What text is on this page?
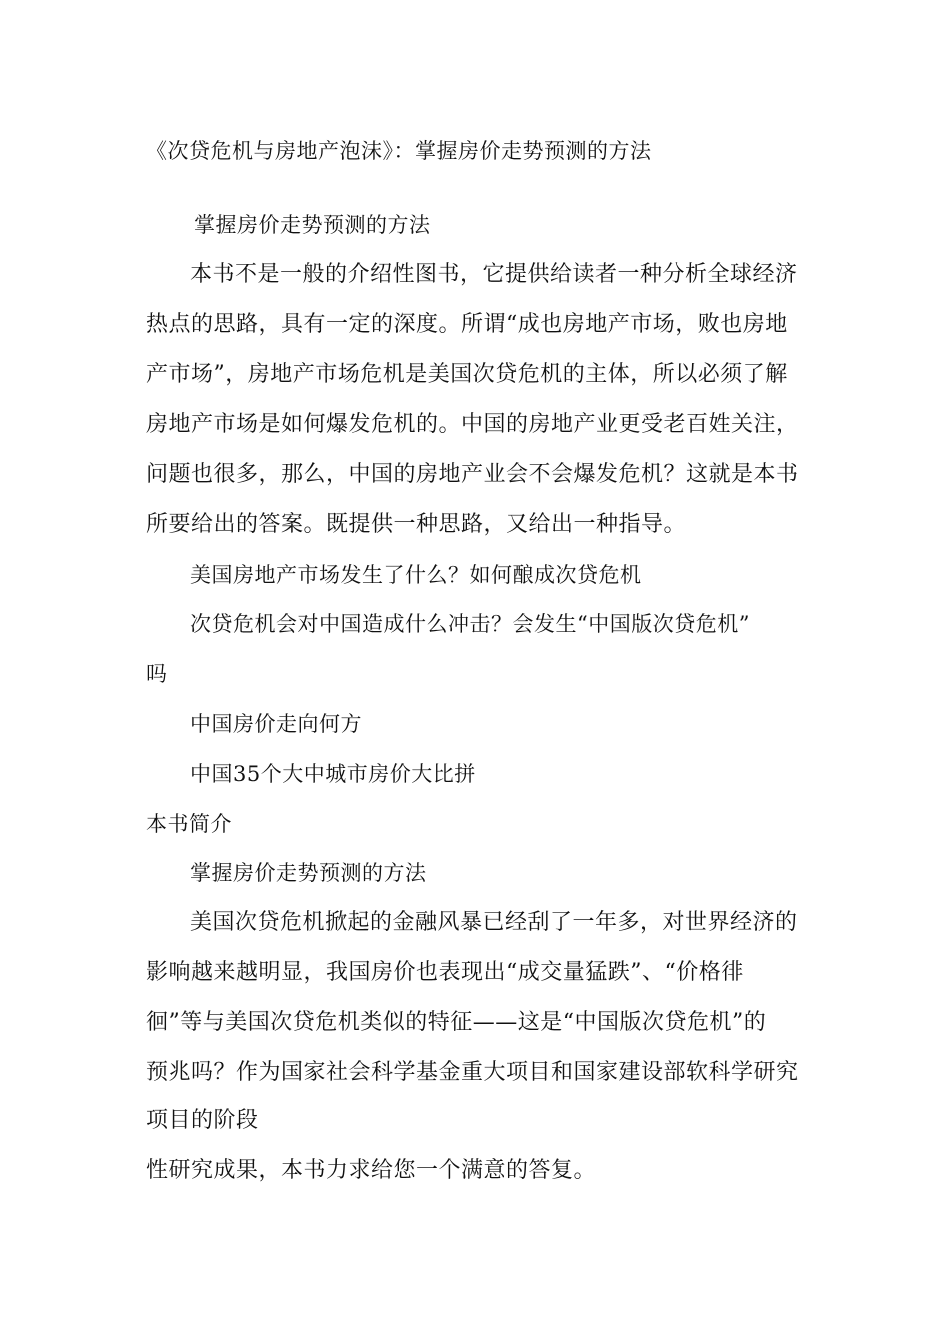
《次贷危机与房地产泡沫》：掌握房价走势预测的方法
掌握房价走势预测的方法
本书不是一般的介绍性图书，它提供给读者一种分析全球经济
热点的思路，具有一定的深度。所谓“成也房地产市场，败也房地
产市场”，房地产市场危机是美国次贷危机的主体，所以必须了解
房地产市场是如何爆发危机的。中国的房地产业更受老百姓关注，
问题也很多，那么，中国的房地产业会不会爆发危机？这就是本书
所要给出的答案。既提供一种思路，又给出一种指导。
美国房地产市场发生了什么？如何酿成次贷危机
次贷危机会对中国造成什么冲击？会发生“中国版次贷危机”
吗
中国房价走向何方
中国35个大中城市房价大比拼
本书简介
掌握房价走势预测的方法
美国次贷危机掀起的金融风暴已经刮了一年多，对世界经济的
影响越来越明显，我国房价也表现出“成交量猛跌”、“价格徘
徊”等与美国次贷危机类似的特征——这是“中国版次贷危机”的
预兆吗？作为国家社会科学基金重大项目和国家建设部软科学研究
项目的阶段
性研究成果，本书力求给您一个满意的答复。
